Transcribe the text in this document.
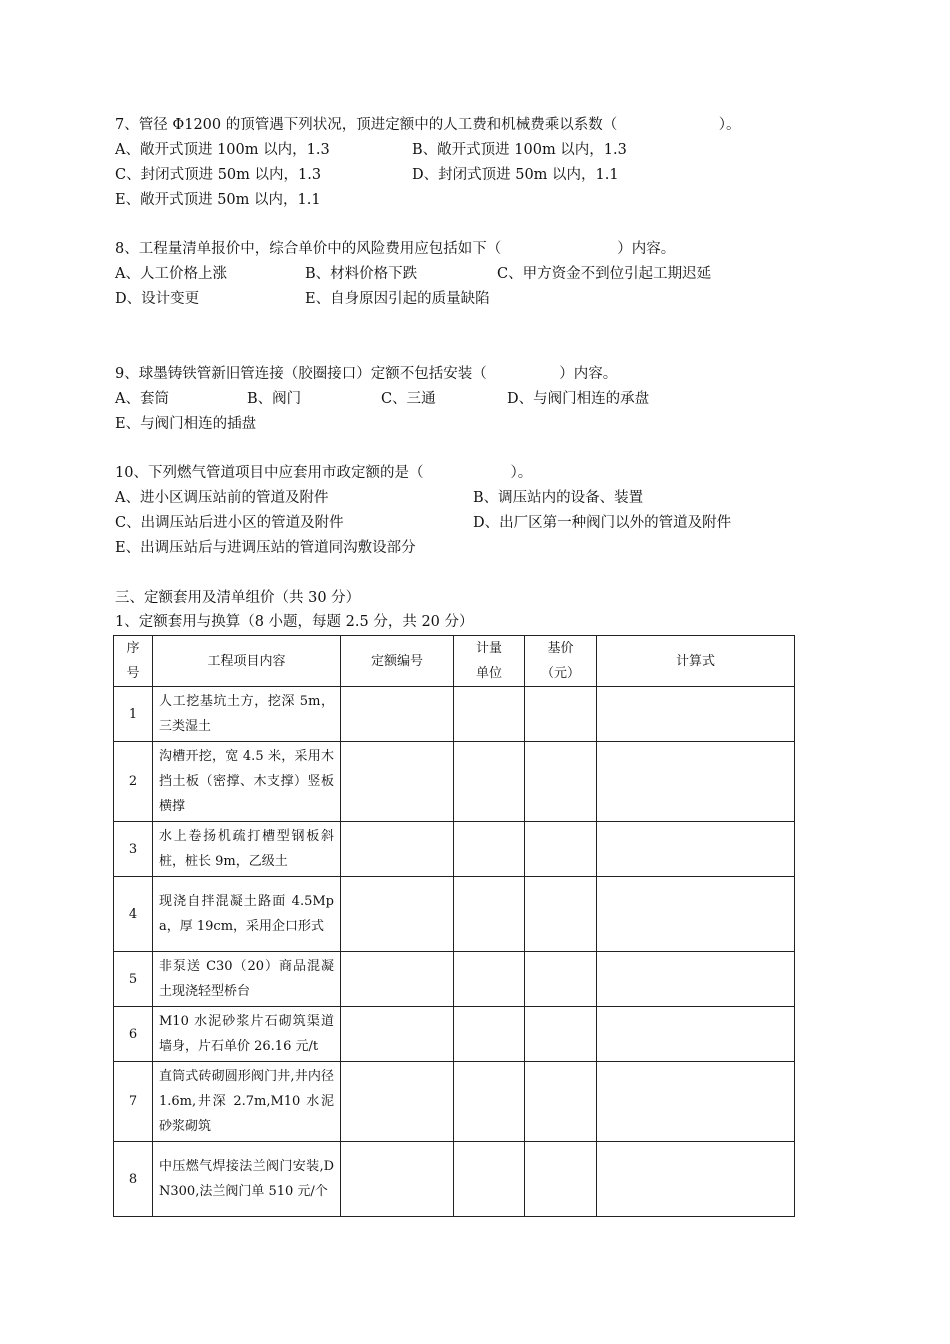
7、管径 Φ1200 的顶管遇下列状况，顶进定额中的人工费和机械费乘以系数（　　　　　　　）。
A、敞开式顶进 100m 以内，1.3	B、敞开式顶进 100m 以内，1.3
C、封闭式顶进 50m 以内，1.3	D、封闭式顶进 50m 以内，1.1
E、敞开式顶进 50m 以内，1.1
8、工程量清单报价中，综合单价中的风险费用应包括如下（　　　　　　　　）内容。
A、人工价格上涨	B、材料价格下跌	C、甲方资金不到位引起工期迟延
D、设计变更	E、自身原因引起的质量缺陷
9、球墨铸铁管新旧管连接（胶圈接口）定额不包括安装（　　　　　）内容。
A、套筒	B、阀门	C、三通	D、与阀门相连的承盘
E、与阀门相连的插盘
10、下列燃气管道项目中应套用市政定额的是（　　　　　　）。
A、进小区调压站前的管道及附件	B、调压站内的设备、装置
C、出调压站后进小区的管道及附件	D、出厂区第一种阀门以外的管道及附件
E、出调压站后与进调压站的管道同沟敷设部分
三、定额套用及清单组价（共 30 分）
1、定额套用与换算（8 小题，每题 2.5 分，共 20 分）
序号	工程项目内容	定额编号	计量单位	基价（元）	计算式
1	人工挖基坑土方，挖深 5m，三类湿土				
2	沟槽开挖，宽 4.5 米，采用木挡土板（密撑、木支撑）竖板横撑				
3	水上卷扬机疏打槽型钢板斜桩，桩长 9m，乙级土				
4	现浇自拌混凝土路面 4.5Mpa，厚 19cm，采用企口形式				
5	非泵送 C30（20）商品混凝土现浇轻型桥台				
6	M10 水泥砂浆片石砌筑渠道墙身，片石单价 26.16 元/t				
7	直筒式砖砌圆形阀门井,井内径 1.6m,井深 2.7m,M10 水泥砂浆砌筑				
8	中压燃气焊接法兰阀门安装,DN300,法兰阀门单 510 元/个				
